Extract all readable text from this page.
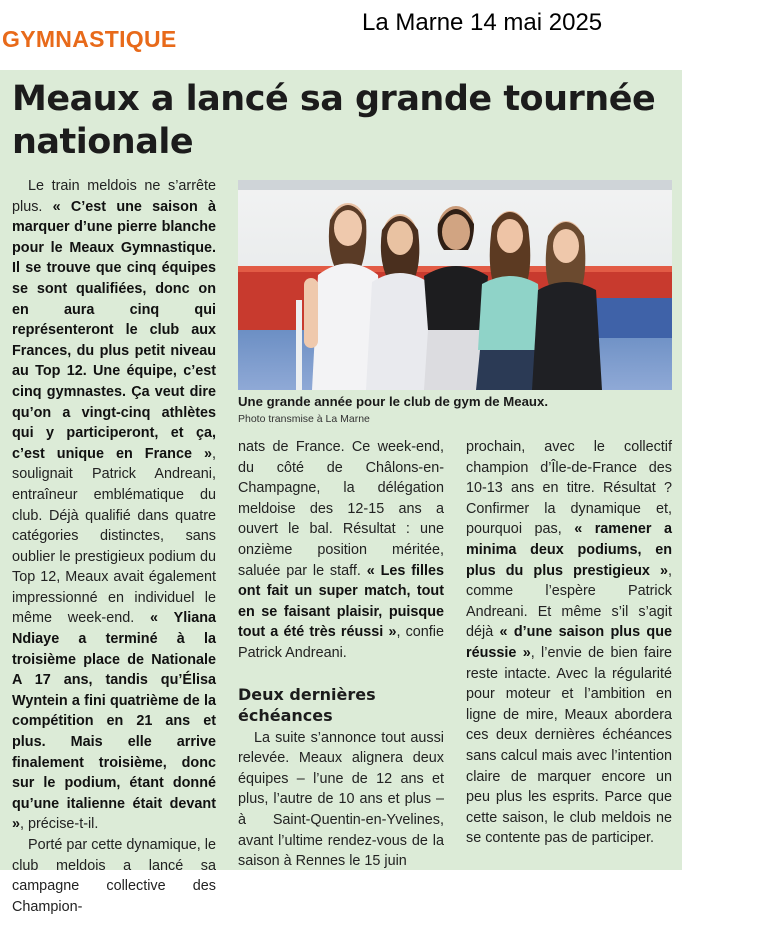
GYMNASTIQUE
La Marne 14 mai 2025
Meaux a lancé sa grande tournée nationale

Le train meldois ne s’arrête plus. « C’est une saison à marquer d’une pierre blanche pour le Meaux Gymnastique. Il se trouve que cinq équipes se sont qualifiées, donc on en aura cinq qui représenteront le club aux Frances, du plus petit niveau au Top 12. Une équipe, c’est cinq gymnastes. Ça veut dire qu’on a vingt-cinq athlètes qui y participeront, et ça, c’est unique en France », soulignait Patrick Andreani, entraîneur emblématique du club. Déjà qualifié dans quatre catégories distinctes, sans oublier le prestigieux podium du Top 12, Meaux avait également impressionné en individuel le même week-end. « Yliana Ndiaye a terminé à la troisième place de Nationale A 17 ans, tandis qu’Élisa Wyntein a fini quatrième de la compétition en 21 ans et plus. Mais elle arrive finalement troisième, donc sur le podium, étant donné qu’une italienne était devant », précise-t-il.

Porté par cette dynamique, le club meldois a lancé sa campagne collective des Champion-

Une grande année pour le club de gym de Meaux.
Photo transmise à La Marne

nats de France. Ce week-end, du côté de Châlons-en-Champagne, la délégation meldoise des 12-15 ans a ouvert le bal. Résultat : une onzième position méritée, saluée par le staff. « Les filles ont fait un super match, tout en se faisant plaisir, puisque tout a été très réussi », confie Patrick Andreani.

Deux dernières échéances

La suite s’annonce tout aussi relevée. Meaux alignera deux équipes – l’une de 12 ans et plus, l’autre de 10 ans et plus – à Saint-Quentin-en-Yvelines, avant l’ultime rendez-vous de la saison à Rennes le 15 juin

prochain, avec le collectif champion d’Île-de-France des 10-13 ans en titre. Résultat ? Confirmer la dynamique et, pourquoi pas, « ramener a minima deux podiums, en plus du plus prestigieux », comme l’espère Patrick Andreani. Et même s’il s’agit déjà « d’une saison plus que réussie », l’envie de bien faire reste intacte. Avec la régularité pour moteur et l’ambition en ligne de mire, Meaux abordera ces deux dernières échéances sans calcul mais avec l’intention claire de marquer encore un peu plus les esprits. Parce que cette saison, le club meldois ne se contente pas de participer.
